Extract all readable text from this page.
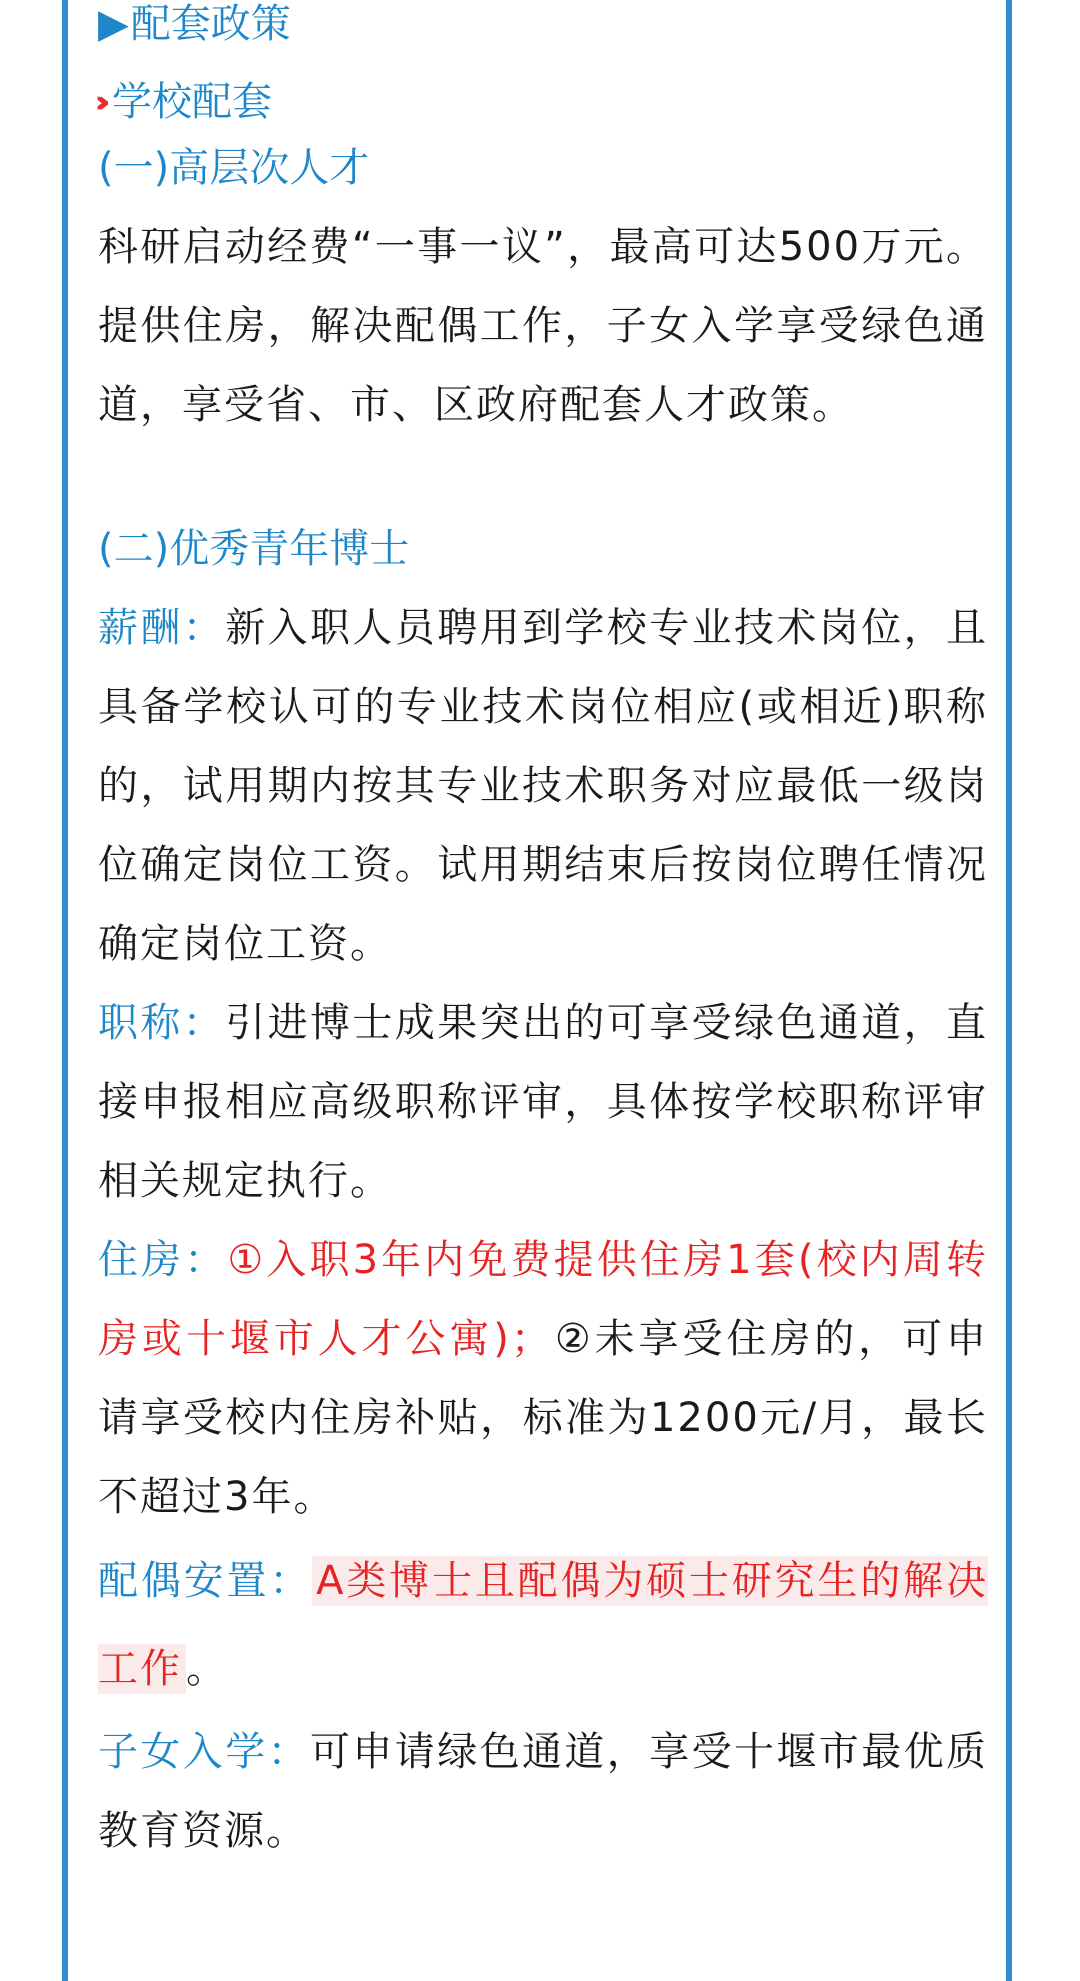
▶配套政策
学校配套
(一)高层次人才

科研启动经费“一事一议”，最高可达500万元。提供住房，解决配偶工作，子女入学享受绿色通道，享受省、市、区政府配套人才政策。

(二)优秀青年博士

薪酬：新入职人员聘用到学校专业技术岗位，且具备学校认可的专业技术岗位相应(或相近)职称的，试用期内按其专业技术职务对应最低一级岗位确定岗位工资。试用期结束后按岗位聘任情况确定岗位工资。

职称：引进博士成果突出的可享受绿色通道，直接申报相应高级职称评审，具体按学校职称评审相关规定执行。

住房：①入职3年内免费提供住房1套(校内周转房或十堰市人才公寓)；②未享受住房的，可申请享受校内住房补贴，标准为1200元/月，最长不超过3年。

配偶安置： A类博士且配偶为硕士研究生的解决工作 。

子女入学：可申请绿色通道，享受十堰市最优质教育资源。
